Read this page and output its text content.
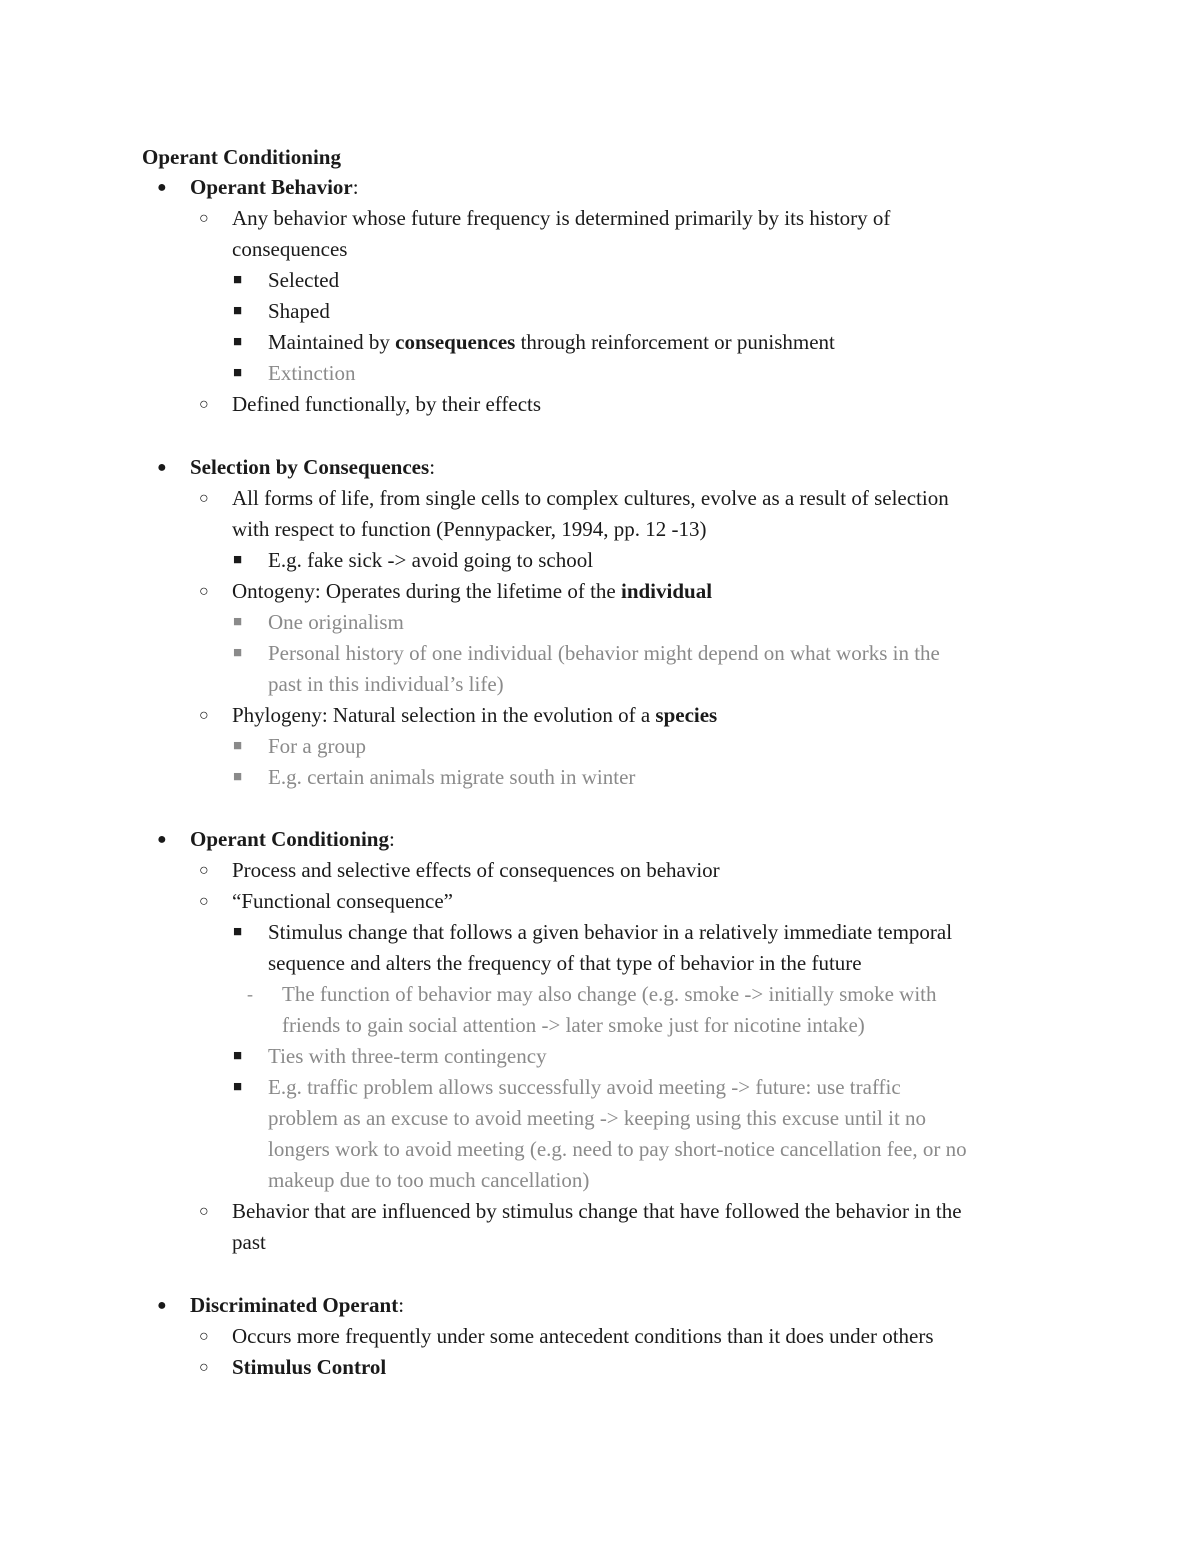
Operant Conditioning
● Operant Behavior:
○ Any behavior whose future frequency is determined primarily by its history of
consequences
■ Selected
■ Shaped
■ Maintained by consequences through reinforcement or punishment
■ Extinction
○ Defined functionally, by their effects
● Selection by Consequences:
○ All forms of life, from single cells to complex cultures, evolve as a result of selection
with respect to function (Pennypacker, 1994, pp. 12 -13)
■ E.g. fake sick -> avoid going to school
○ Ontogeny: Operates during the lifetime of the individual
■ One originalism
■ Personal history of one individual (behavior might depend on what works in the
past in this individual’s life)
○ Phylogeny: Natural selection in the evolution of a species
■ For a group
■ E.g. certain animals migrate south in winter
● Operant Conditioning:
○ Process and selective effects of consequences on behavior
○ “Functional consequence”
■ Stimulus change that follows a given behavior in a relatively immediate temporal
sequence and alters the frequency of that type of behavior in the future
- The function of behavior may also change (e.g. smoke -> initially smoke with
friends to gain social attention -> later smoke just for nicotine intake)
■ Ties with three-term contingency
■ E.g. traffic problem allows successfully avoid meeting -> future: use traffic
problem as an excuse to avoid meeting -> keeping using this excuse until it no
longers work to avoid meeting (e.g. need to pay short-notice cancellation fee, or no
makeup due to too much cancellation)
○ Behavior that are influenced by stimulus change that have followed the behavior in the
past
● Discriminated Operant:
○ Occurs more frequently under some antecedent conditions than it does under others
○ Stimulus Control
